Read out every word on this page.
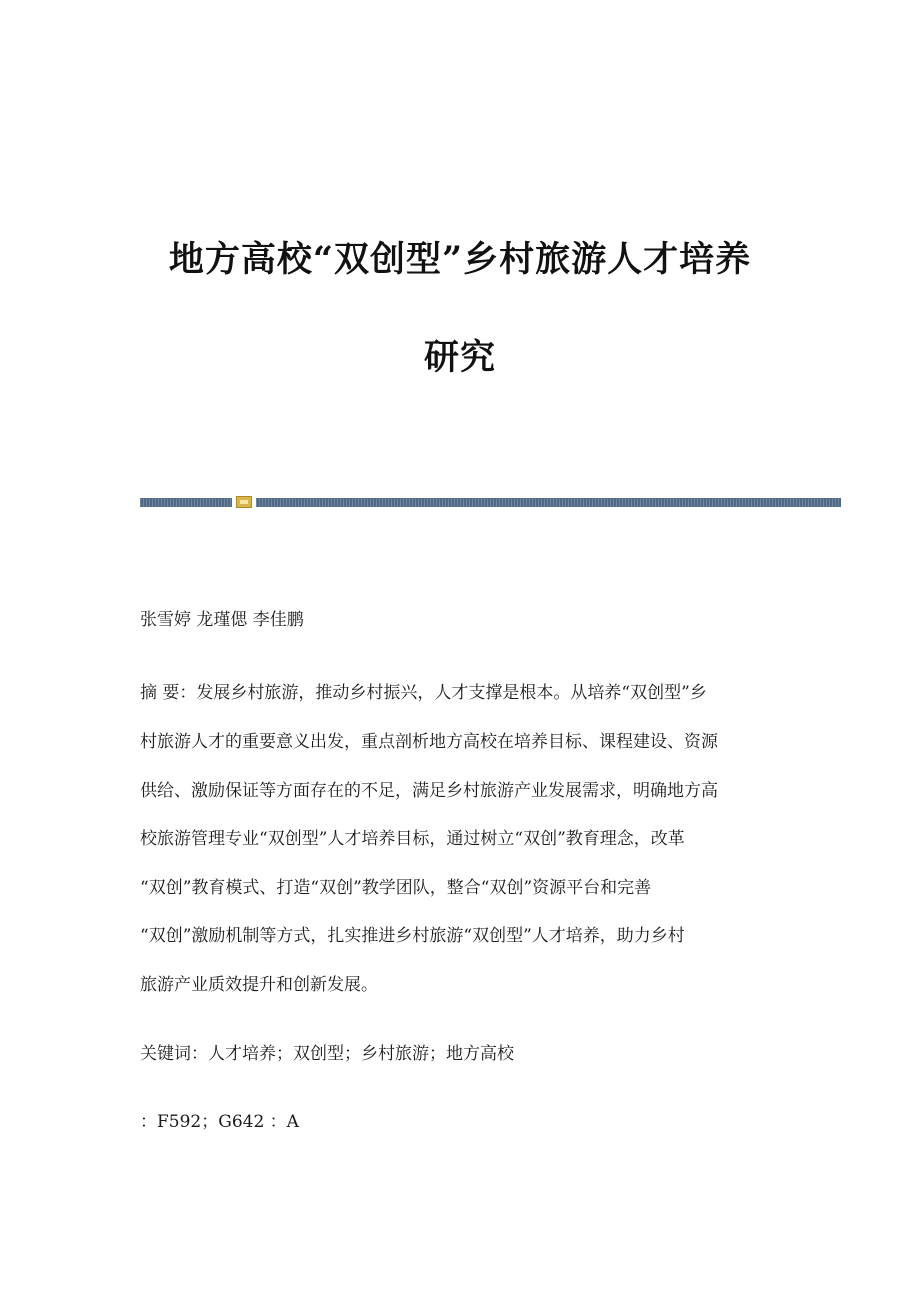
地方高校“双创型”乡村旅游人才培养
研究
张雪婷 龙瑾偲 李佳鹏
摘 要：发展乡村旅游，推动乡村振兴，人才支撑是根本。从培养“双创型”乡
村旅游人才的重要意义出发，重点剖析地方高校在培养目标、课程建设、资源
供给、激励保证等方面存在的不足，满足乡村旅游产业发展需求，明确地方高
校旅游管理专业“双创型”人才培养目标，通过树立“双创”教育理念，改革
“双创”教育模式、打造“双创”教学团队，整合“双创”资源平台和完善
“双创”激励机制等方式，扎实推进乡村旅游“双创型”人才培养，助力乡村
旅游产业质效提升和创新发展。
关键词：人才培养；双创型；乡村旅游；地方高校
：F592；G642 ：A
